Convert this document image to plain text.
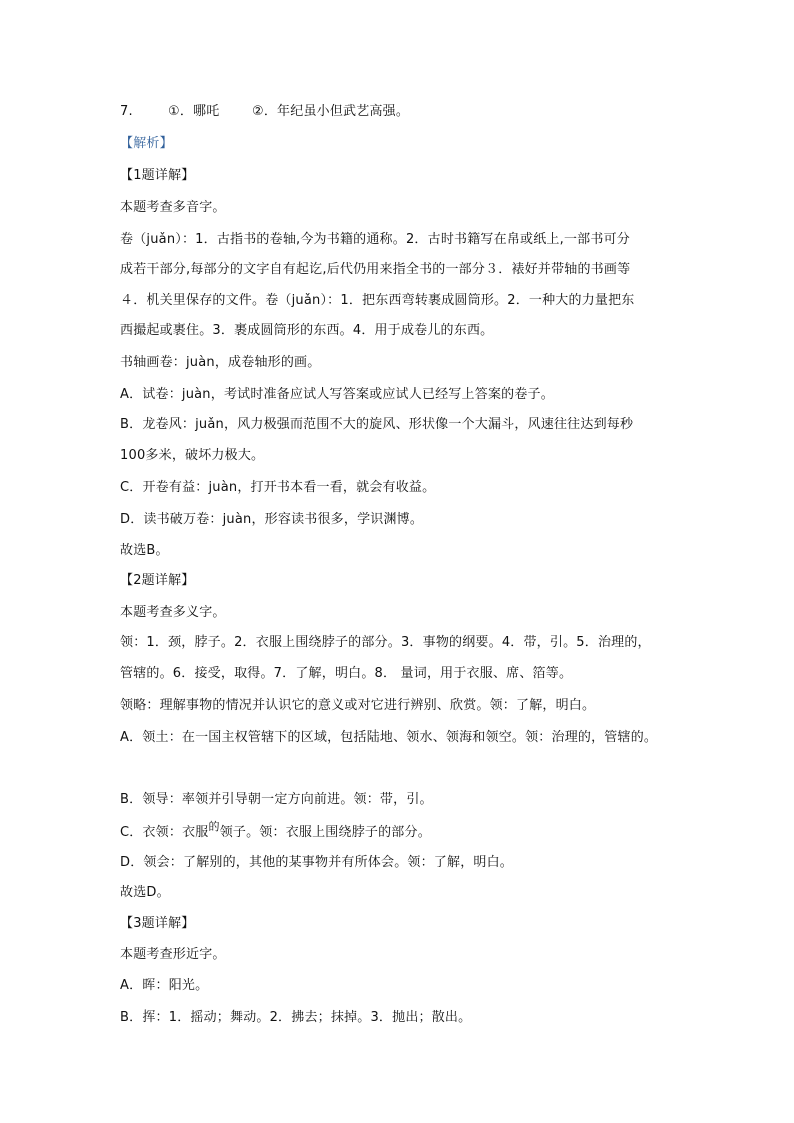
7.	①．哪吒	②．年纪虽小但武艺高强。
【解析】
【1题详解】
本题考查多音字。
卷（juǎn）：1．古指书的卷轴,今为书籍的通称。2．古时书籍写在帛或纸上,一部书可分
成若干部分,每部分的文字自有起讫,后代仍用来指全书的一部分３．裱好并带轴的书画等
４．机关里保存的文件。卷（juǎn）：1．把东西弯转裹成圆筒形。2．一种大的力量把东
西撮起或裹住。3．裹成圆筒形的东西。4．用于成卷儿的东西。
书轴画卷：juàn，成卷轴形的画。
A．试卷：juàn，考试时准备应试人写答案或应试人已经写上答案的卷子。
B．龙卷风：juǎn，风力极强而范围不大的旋风、形状像一个大漏斗，风速往往达到每秒
100多米，破坏力极大。
C．开卷有益：juàn，打开书本看一看，就会有收益。
D．读书破万卷：juàn，形容读书很多，学识渊博。
故选B。
【2题详解】
本题考查多义字。
领：1．颈，脖子。2．衣服上围绕脖子的部分。3．事物的纲要。4．带，引。5．治理的，
管辖的。6．接受，取得。7．了解，明白。8． 量词，用于衣服、席、箔等。
领略：理解事物的情况并认识它的意义或对它进行辨别、欣赏。领：了解，明白。
A．领土：在一国主权管辖下的区域，包括陆地、领水、领海和领空。领：治理的，管辖的。
B．领导：率领并引导朝一定方向前进。领：带，引。
C．衣领：衣服$^的$领子。领：衣服上围绕脖子的部分。
D．领会：了解别的，其他的某事物并有所体会。领：了解，明白。
故选D。
【3题详解】
本题考查形近字。
A．晖：阳光。
B．挥：1．摇动；舞动。2．拂去；抹掉。3．抛出；散出。
